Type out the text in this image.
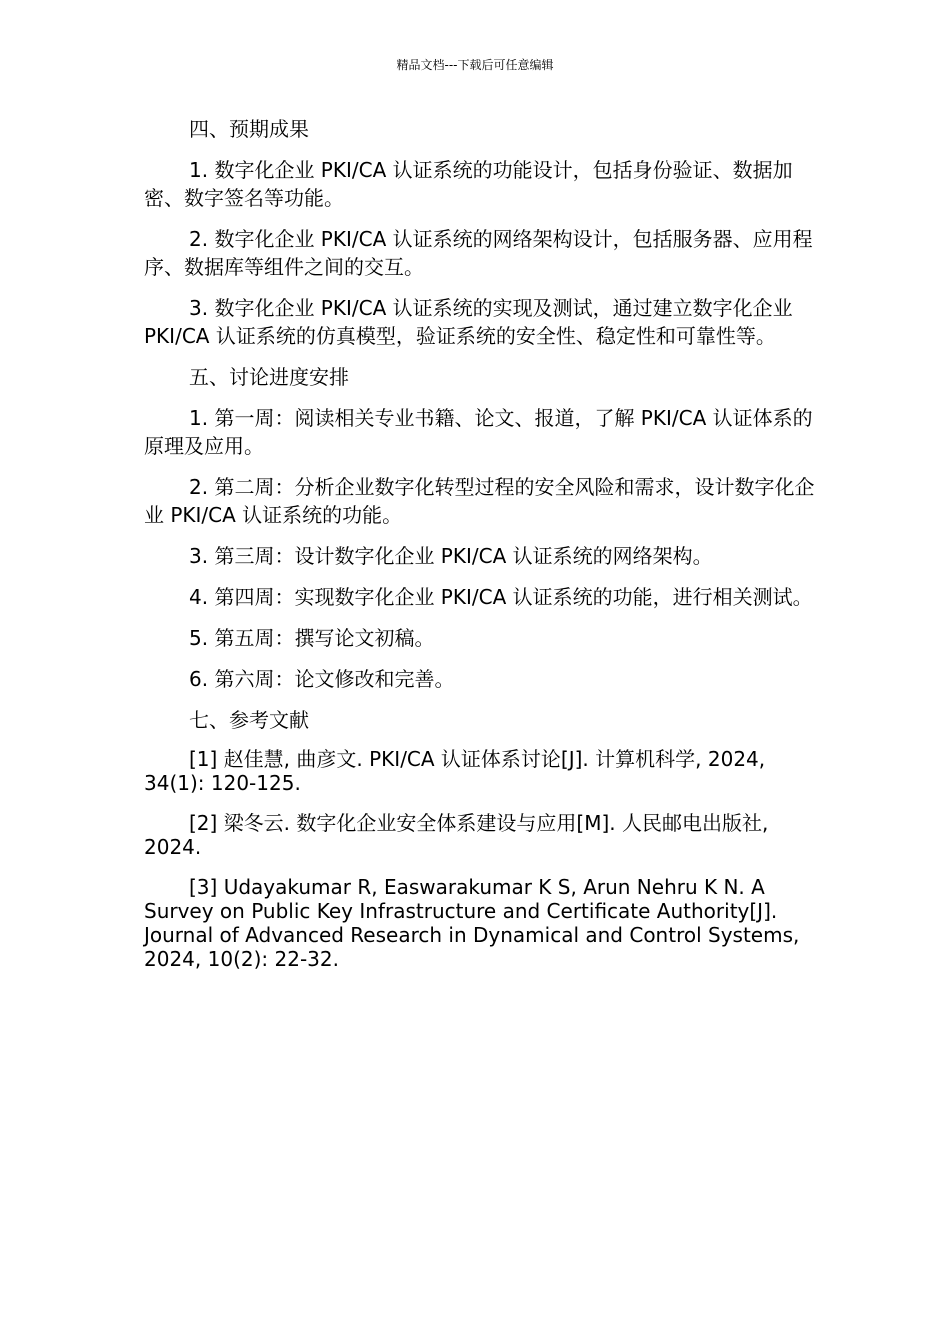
精品文档---下载后可任意编辑

四、预期成果

1. 数字化企业 PKI/CA 认证系统的功能设计，包括身份验证、数据加密、数字签名等功能。

2. 数字化企业 PKI/CA 认证系统的网络架构设计，包括服务器、应用程序、数据库等组件之间的交互。

3. 数字化企业 PKI/CA 认证系统的实现及测试，通过建立数字化企业 PKI/CA 认证系统的仿真模型，验证系统的安全性、稳定性和可靠性等。

五、讨论进度安排

1. 第一周：阅读相关专业书籍、论文、报道，了解 PKI/CA 认证体系的原理及应用。

2. 第二周：分析企业数字化转型过程的安全风险和需求，设计数字化企业 PKI/CA 认证系统的功能。

3. 第三周：设计数字化企业 PKI/CA 认证系统的网络架构。

4. 第四周：实现数字化企业 PKI/CA 认证系统的功能，进行相关测试。

5. 第五周：撰写论文初稿。

6. 第六周：论文修改和完善。

七、参考文献

[1] 赵佳慧, 曲彦文. PKI/CA 认证体系讨论[J]. 计算机科学, 2024, 34(1): 120-125.

[2] 梁冬云. 数字化企业安全体系建设与应用[M]. 人民邮电出版社, 2024.

[3] Udayakumar R, Easwarakumar K S, Arun Nehru K N. A Survey on Public Key Infrastructure and Certificate Authority[J]. Journal of Advanced Research in Dynamical and Control Systems, 2024, 10(2): 22-32.
